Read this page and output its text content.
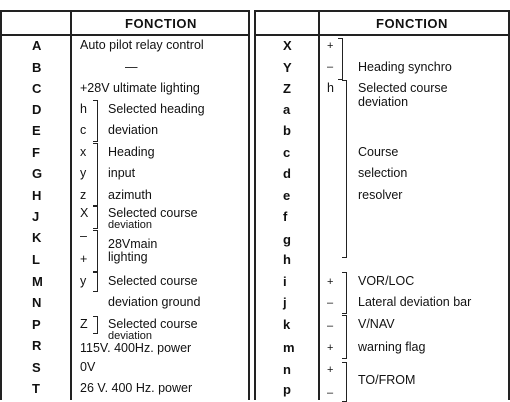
FONCTION	FONCTION
A
B
C
D
E
F
G
H
J
K
L
M
N
P
R
S
T
Auto pilot relay control
—
+28V ultimate lighting
h Selected heading
c deviation
x Heading
y input
z azimuth
X Selected course
deviation
–
28Vmain
+ lighting
y Selected course
deviation ground
Z Selected course
deviation
115V. 400Hz. power
0V
26 V. 400 Hz. power
X
Y
Z
a
b
c
d
e
f
g
h
i
j
k
m
n
p
+
– Heading synchro
h Selected course
deviation
Course
selection
resolver
+ VOR/LOC
– Lateral deviation bar
– V/NAV
+ warning flag
+
TO/FROM
–
